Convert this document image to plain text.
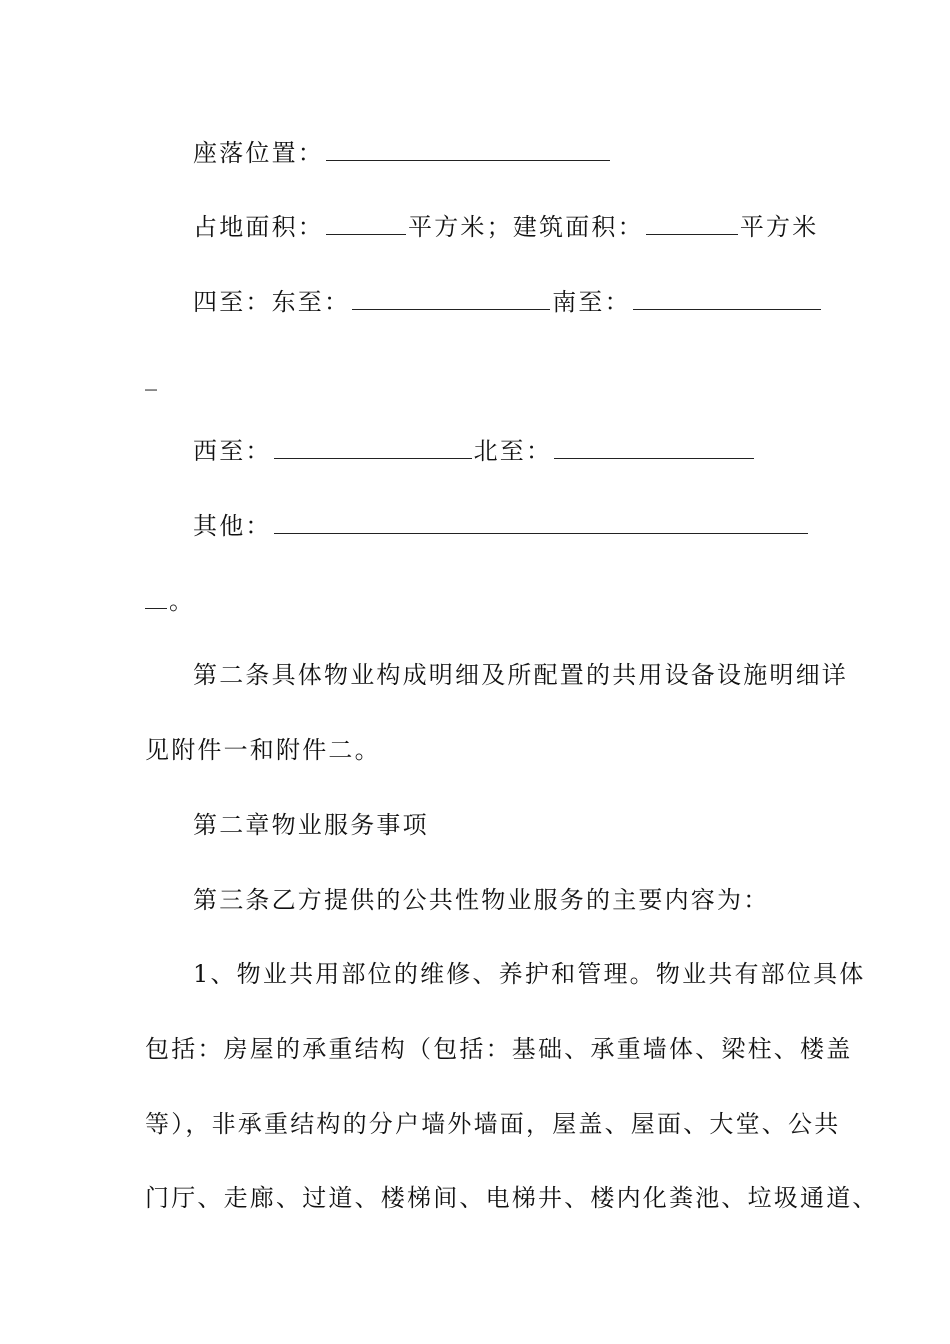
座落位置：
占地面积：	平方米；建筑面积：	平方米
四至：东至：	南至：
_
西至：	北至：
其他：
。
第二条具体物业构成明细及所配置的共用设备设施明细详
见附件一和附件二。
第二章物业服务事项
第三条乙方提供的公共性物业服务的主要内容为：
1、物业共用部位的维修、养护和管理。物业共有部位具体
包括：房屋的承重结构（包括：基础、承重墙体、梁柱、楼盖
等），非承重结构的分户墙外墙面，屋盖、屋面、大堂、公共
门厅、走廊、过道、楼梯间、电梯井、楼内化粪池、垃圾通道、
